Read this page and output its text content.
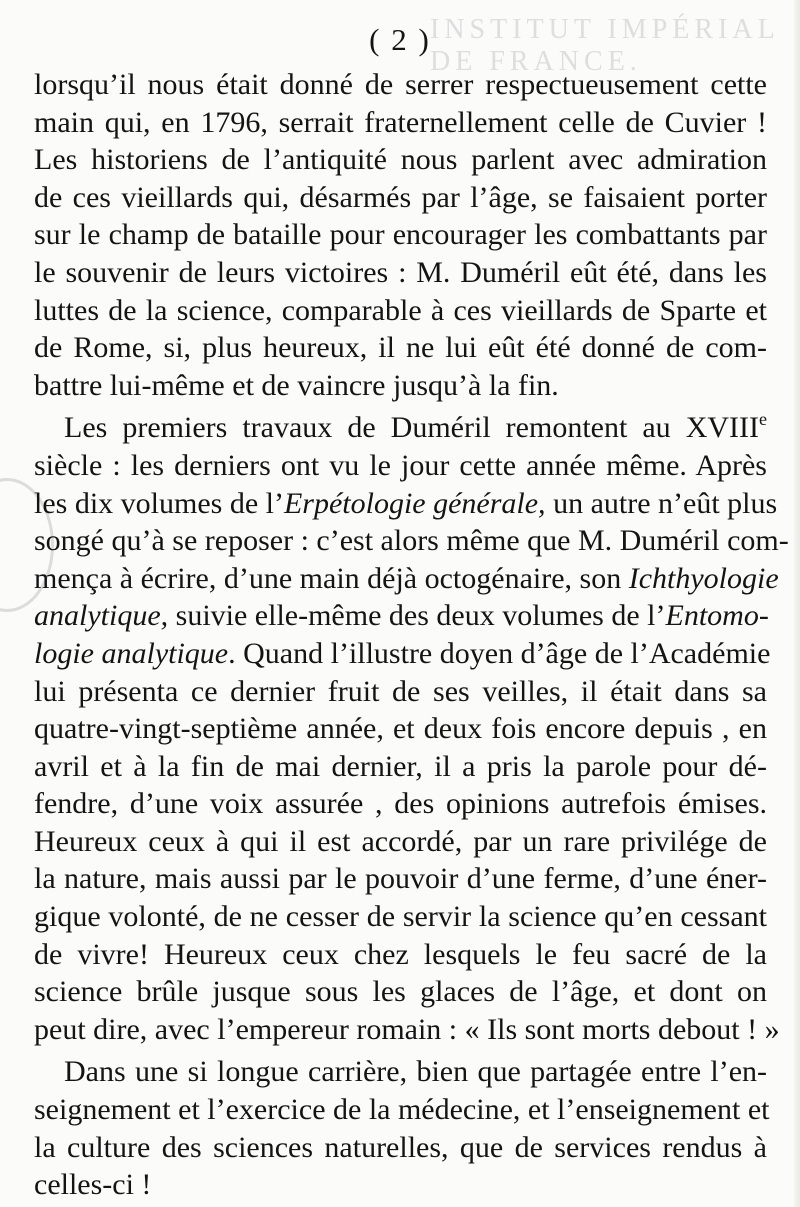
INSTITUT IMPÉRIAL DE FRANCE.
( 2 )
lorsqu’il nous était donné de serrer respectueusement cette
main qui, en 1796, serrait fraternellement celle de Cuvier !
Les historiens de l’antiquité nous parlent avec admiration
de ces vieillards qui, désarmés par l’âge, se faisaient porter
sur le champ de bataille pour encourager les combattants par
le souvenir de leurs victoires : M. Duméril eût été, dans les
luttes de la science, comparable à ces vieillards de Sparte et
de Rome, si, plus heureux, il ne lui eût été donné de com-
battre lui-même et de vaincre jusqu’à la fin.
Les premiers travaux de Duméril remontent au XVIIIe
siècle : les derniers ont vu le jour cette année même. Après
les dix volumes de l’Erpétologie générale, un autre n’eût plus
songé qu’à se reposer : c’est alors même que M. Duméril com-
mença à écrire, d’une main déjà octogénaire, son Ichthyologie
analytique, suivie elle-même des deux volumes de l’Entomo-
logie analytique. Quand l’illustre doyen d’âge de l’Académie
lui présenta ce dernier fruit de ses veilles, il était dans sa
quatre-vingt-septième année, et deux fois encore depuis , en
avril et à la fin de mai dernier, il a pris la parole pour dé-
fendre, d’une voix assurée , des opinions autrefois émises.
Heureux ceux à qui il est accordé, par un rare privilége de
la nature, mais aussi par le pouvoir d’une ferme, d’une éner-
gique volonté, de ne cesser de servir la science qu’en cessant
de vivre! Heureux ceux chez lesquels le feu sacré de la
science brûle jusque sous les glaces de l’âge, et dont on
peut dire, avec l’empereur romain : « Ils sont morts debout ! »
Dans une si longue carrière, bien que partagée entre l’en-
seignement et l’exercice de la médecine, et l’enseignement et
la culture des sciences naturelles, que de services rendus à
celles-ci !
